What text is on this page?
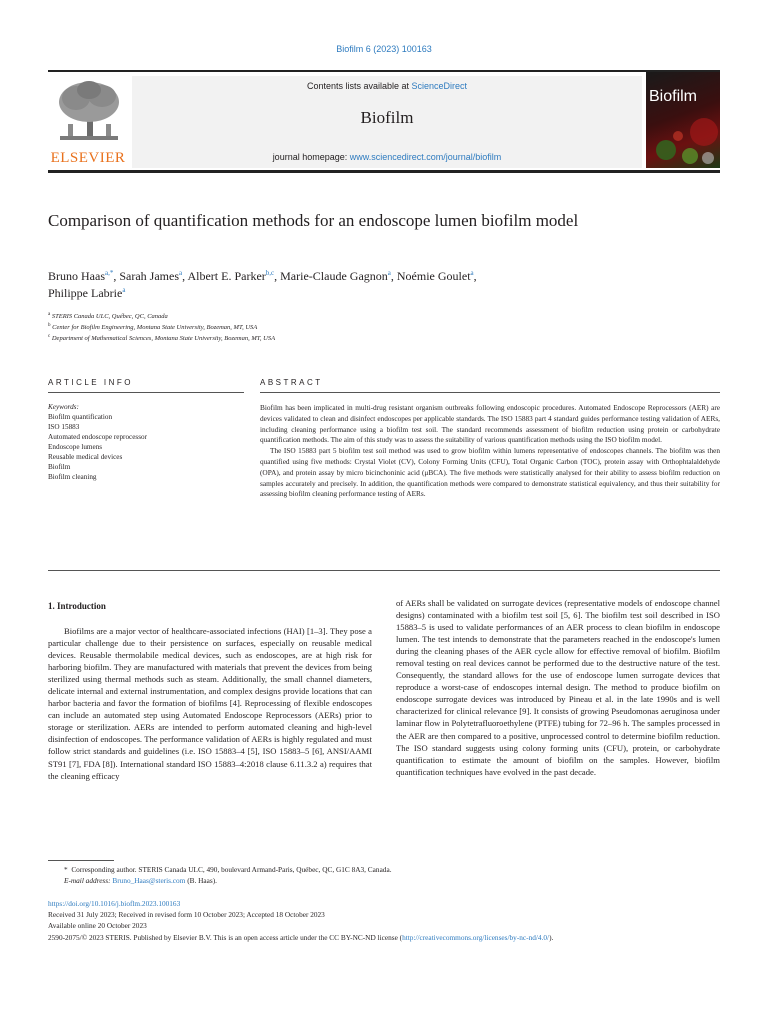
Biofilm 6 (2023) 100163
ELSEVIER
Contents lists available at ScienceDirect
Biofilm
journal homepage: www.sciencedirect.com/journal/biofilm
Biofilm
Comparison of quantification methods for an endoscope lumen biofilm model
Bruno Haas$^{a,*}$, Sarah James$^a$, Albert E. Parker$^{b,c}$, Marie-Claude Gagnon$^a$, Noémie Goulet$^a$,
Philippe Labrie$^a$
$^a$ STERIS Canada ULC, Québec, QC, Canada
$^b$ Center for Biofilm Engineering, Montana State University, Bozeman, MT, USA
$^c$ Department of Mathematical Sciences, Montana State University, Bozeman, MT, USA
ARTICLE INFO	ABSTRACT
Keywords:
Biofilm quantification
ISO 15883
Automated endoscope reprocessor
Endoscope lumens
Reusable medical devices
Biofilm
Biofilm cleaning

Biofilm has been implicated in multi-drug resistant organism outbreaks following endoscopic procedures. Automated Endoscope Reprocessors (AER) are devices validated to clean and disinfect endoscopes per applicable standards. The ISO 15883 part 4 standard guides performance testing validation of AERs, including cleaning performance using a biofilm test soil. The standard recommends assessment of biofilm reduction using protein or carbohydrate quantification methods. The aim of this study was to assess the suitability of various quantification methods using the ISO biofilm model.

The ISO 15883 part 5 biofilm test soil method was used to grow biofilm within lumens representative of endoscopes channels. The biofilm was then quantified using five methods: Crystal Violet (CV), Colony Forming Units (CFU), Total Organic Carbon (TOC), protein assay with Orthophtalaldehyde (OPA), and protein assay by micro bicinchoninic acid (μBCA). The five methods were statistically analysed for their ability to assess biofilm reduction on samples accurately and precisely. In addition, the quantification methods were compared to demonstrate statistical equivalency, and thus their suitability for assessing biofilm cleaning performance testing of AERs.

1. Introduction

Biofilms are a major vector of healthcare-associated infections (HAI) [1–3]. They pose a particular challenge due to their persistence on surfaces, especially on reusable medical devices. Reusable thermolabile medical devices, such as endoscopes, are at high risk for harboring biofilm. They are manufactured with materials that prevent the devices from being sterilized using thermal methods such as steam. Additionally, the small channel diameters, delicate internal and external instrumentation, and complex designs provide locations that can harbor bacteria and favor the formation of biofilms [4]. Reprocessing of flexible endoscopes can include an automated step using Automated Endoscope Reprocessors (AERs) prior to storage or sterilization. AERs are intended to perform automated cleaning and high-level disinfection of endoscopes. The performance validation of AERs is highly regulated and must follow strict standards and guidelines (i.e. ISO 15883–4 [5], ISO 15883–5 [6], ANSI/AAMI ST91 [7], FDA [8]). International standard ISO 15883–4:2018 clause 6.11.3.2 a) requires that the cleaning efficacy

of AERs shall be validated on surrogate devices (representative models of endoscope channel designs) contaminated with a biofilm test soil [5, 6]. The biofilm test soil described in ISO 15883–5 is used to validate performances of an AER process to clean biofilm in endoscope lumen. The test intends to demonstrate that the parameters reached in the endoscope's lumen during the cleaning phases of the AER cycle allow for effective removal of biofilm. Biofilm removal testing on real devices cannot be performed due to the destructive nature of the test. Consequently, the standard allows for the use of endoscope lumen surrogate devices that reproduce a worst-case of endoscopes internal design. The method to produce biofilm on endoscope surrogate devices was introduced by Pineau et al. in the late 1990s and is well characterized for clinical relevance [9]. It consists of growing Pseudomonas aeruginosa under laminar flow in Polytetrafluoroethylene (PTFE) tubing for 72–96 h. The samples processed in the AER are then compared to a positive, unprocessed control to determine biofilm reduction. The ISO standard suggests using colony forming units (CFU), protein, or carbohydrate quantification to estimate the amount of biofilm on the samples. However, biofilm quantification techniques have evolved in the past decade.
* Corresponding author. STERIS Canada ULC, 490, boulevard Armand-Paris, Québec, QC, G1C 8A3, Canada.
E-mail address: Bruno_Haas@steris.com (B. Haas).
https://doi.org/10.1016/j.bioflm.2023.100163
Received 31 July 2023; Received in revised form 10 October 2023; Accepted 18 October 2023
Available online 20 October 2023
2590-2075/© 2023 STERIS. Published by Elsevier B.V. This is an open access article under the CC BY-NC-ND license (http://creativecommons.org/licenses/by-nc-nd/4.0/).
